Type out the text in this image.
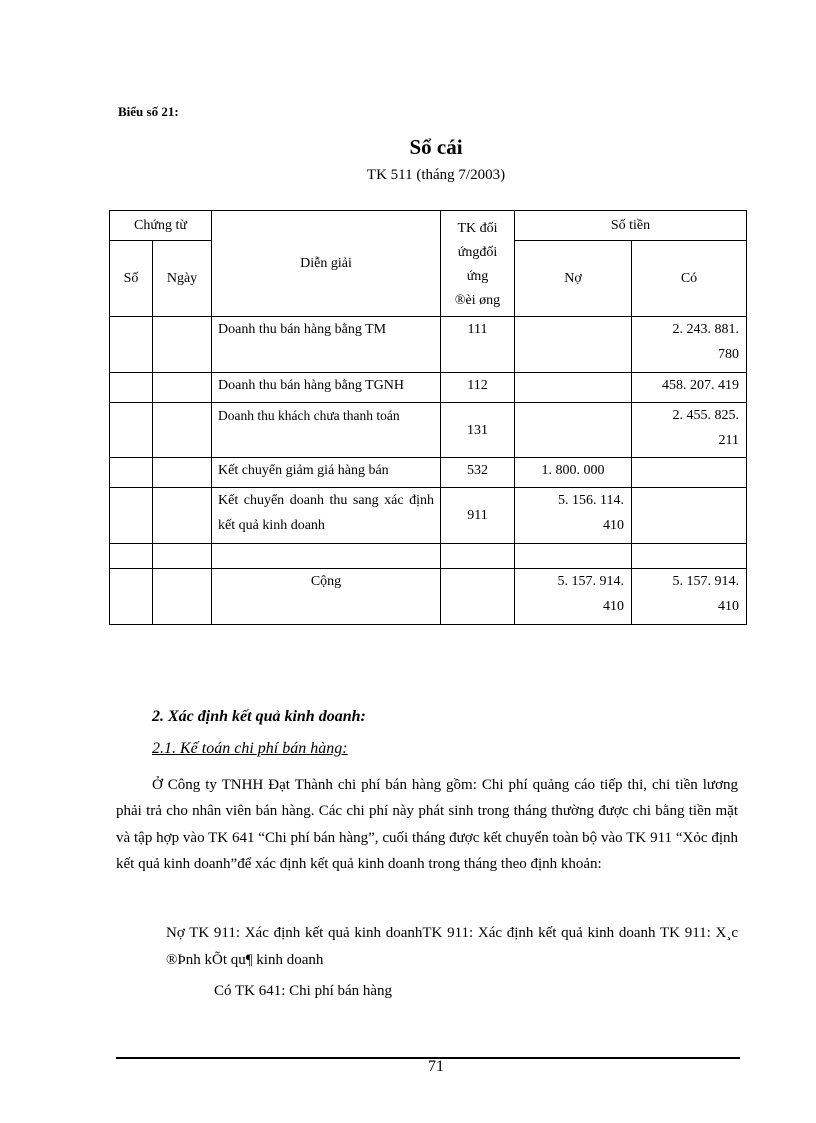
Biểu số 21:
Sổ cái
TK 511 (tháng 7/2003)
Chứng từ		Diễn giải	TK đối
ứngđối
ứng
®èi øng	Số tiền	
Số	Ngày			Nợ	Có
		Doanh thu bán hàng bằng TM	111		2. 243. 881.
780
		Doanh thu bán hàng bằng TGNH	112		458. 207. 419
		Doanh thu khách chưa thanh toán	131		2. 455. 825.
211
		Kết chuyển giảm giá hàng bán	532	1. 800. 000	
		Kết chuyển doanh thu sang xác định kết quả kinh doanh	911	5. 156. 114.
410	

		Cộng		5. 157. 914.
410	5. 157. 914.
410
2. Xác định kết quả kinh doanh:
2.1. Kế toán chi phí bán hàng:
Ở Công ty TNHH Đạt Thành chi phí bán hàng gồm: Chi phí quảng cáo tiếp thi, chi tiền lương phải trả cho nhân viên bán hàng. Các chi phí này phát sinh trong tháng thường được chi bằng tiền mặt và tập hợp vào TK 641 “Chi phí bán hàng”, cuối tháng được kết chuyển toàn bộ vào TK 911 “Xỏc định kết quả kinh doanh”để xác định kết quả kinh doanh trong tháng theo định khoản:
Nợ TK 911: Xác định kết quả kinh doanhTK 911: Xác định kết quả kinh doanh TK 911: X¸c ®Þnh kÕt qu¶ kinh doanh
Có TK 641: Chi phí bán hàng
71
